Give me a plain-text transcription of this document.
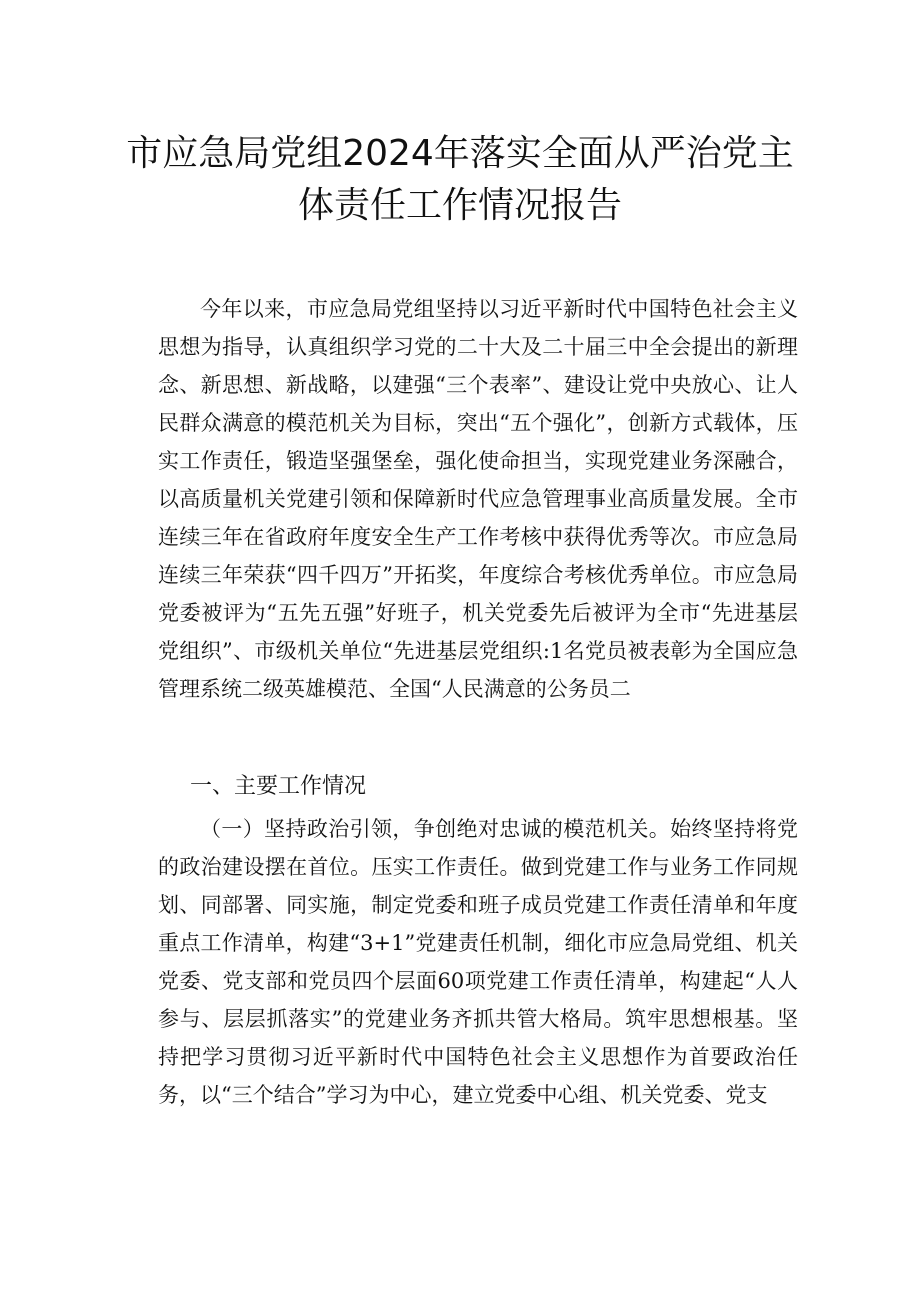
市应急局党组2024年落实全面从严治党主
体责任工作情况报告

今年以来，市应急局党组坚持以习近平新时代中国特色社会主义思想为指导，认真组织学习党的二十大及二十届三中全会提出的新理念、新思想、新战略，以建强“三个表率”、建设让党中央放心、让人民群众满意的模范机关为目标，突出“五个强化”，创新方式载体，压实工作责任，锻造坚强堡垒，强化使命担当，实现党建业务深融合，以高质量机关党建引领和保障新时代应急管理事业高质量发展。全市连续三年在省政府年度安全生产工作考核中获得优秀等次。市应急局连续三年荣获“四千四万”开拓奖，年度综合考核优秀单位。市应急局党委被评为“五先五强”好班子，机关党委先后被评为全市“先进基层党组织”、市级机关单位“先进基层党组织:1名党员被表彰为全国应急管理系统二级英雄模范、全国“人民满意的公务员二

一、主要工作情况

（一）坚持政治引领，争创绝对忠诚的模范机关。始终坚持将党的政治建设摆在首位。压实工作责任。做到党建工作与业务工作同规划、同部署、同实施，制定党委和班子成员党建工作责任清单和年度重点工作清单，构建“3+1”党建责任机制，细化市应急局党组、机关党委、党支部和党员四个层面60项党建工作责任清单，构建起“人人参与、层层抓落实”的党建业务齐抓共管大格局。筑牢思想根基。坚持把学习贯彻习近平新时代中国特色社会主义思想作为首要政治任务，以“三个结合”学习为中心，建立党委中心组、机关党委、党支
